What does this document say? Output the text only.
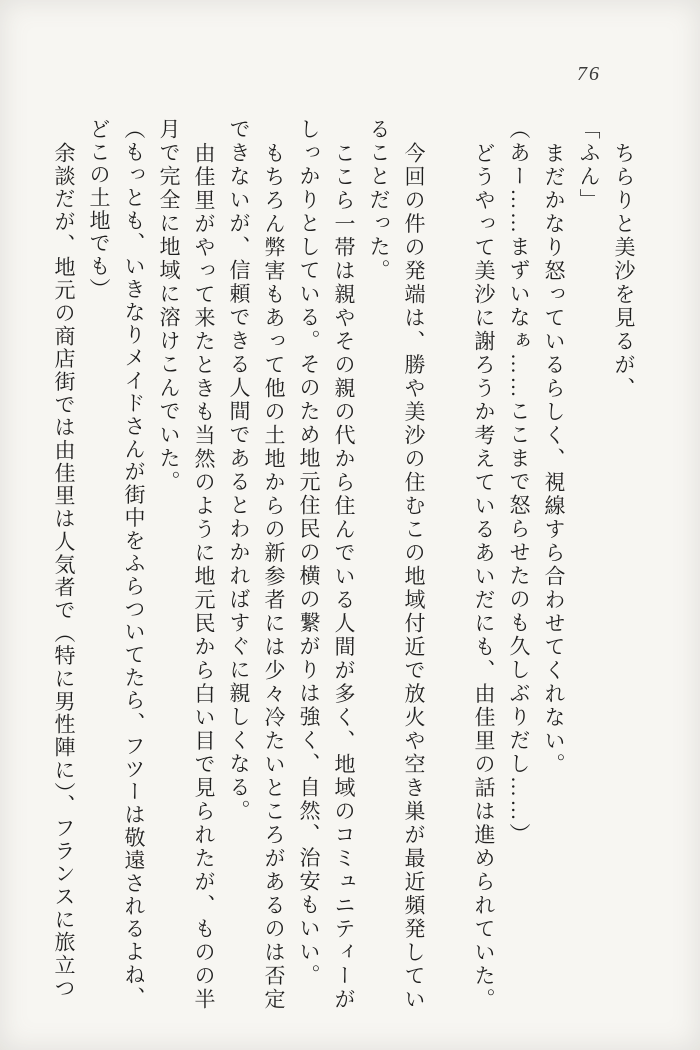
76

ちらりと美沙を見るが、

「ふん」

まだかなり怒っているらしく、視線すら合わせてくれない。

（あー……まずいなぁ……ここまで怒らせたのも久しぶりだし……）

どうやって美沙に謝ろうか考えているあいだにも、由佳里の話は進められていた。

今回の件の発端は、勝や美沙の住むこの地域付近で放火や空き巣が最近頻発していることだった。

ここら一帯は親やその親の代から住んでいる人間が多く、地域のコミュニティーがしっかりとしている。そのため地元住民の横の繋がりは強く、自然、治安もいい。

もちろん弊害もあって他の土地からの新参者には少々冷たいところがあるのは否定できないが、信頼できる人間であるとわかればすぐに親しくなる。

由佳里がやって来たときも当然のように地元民から白い目で見られたが、ものの半月で完全に地域に溶けこんでいた。

（もっとも、いきなりメイドさんが街中をふらついてたら、フツーは敬遠されるよね、どこの土地でも）

余談だが、地元の商店街では由佳里は人気者で（特に男性陣に）、フランスに旅立つ
